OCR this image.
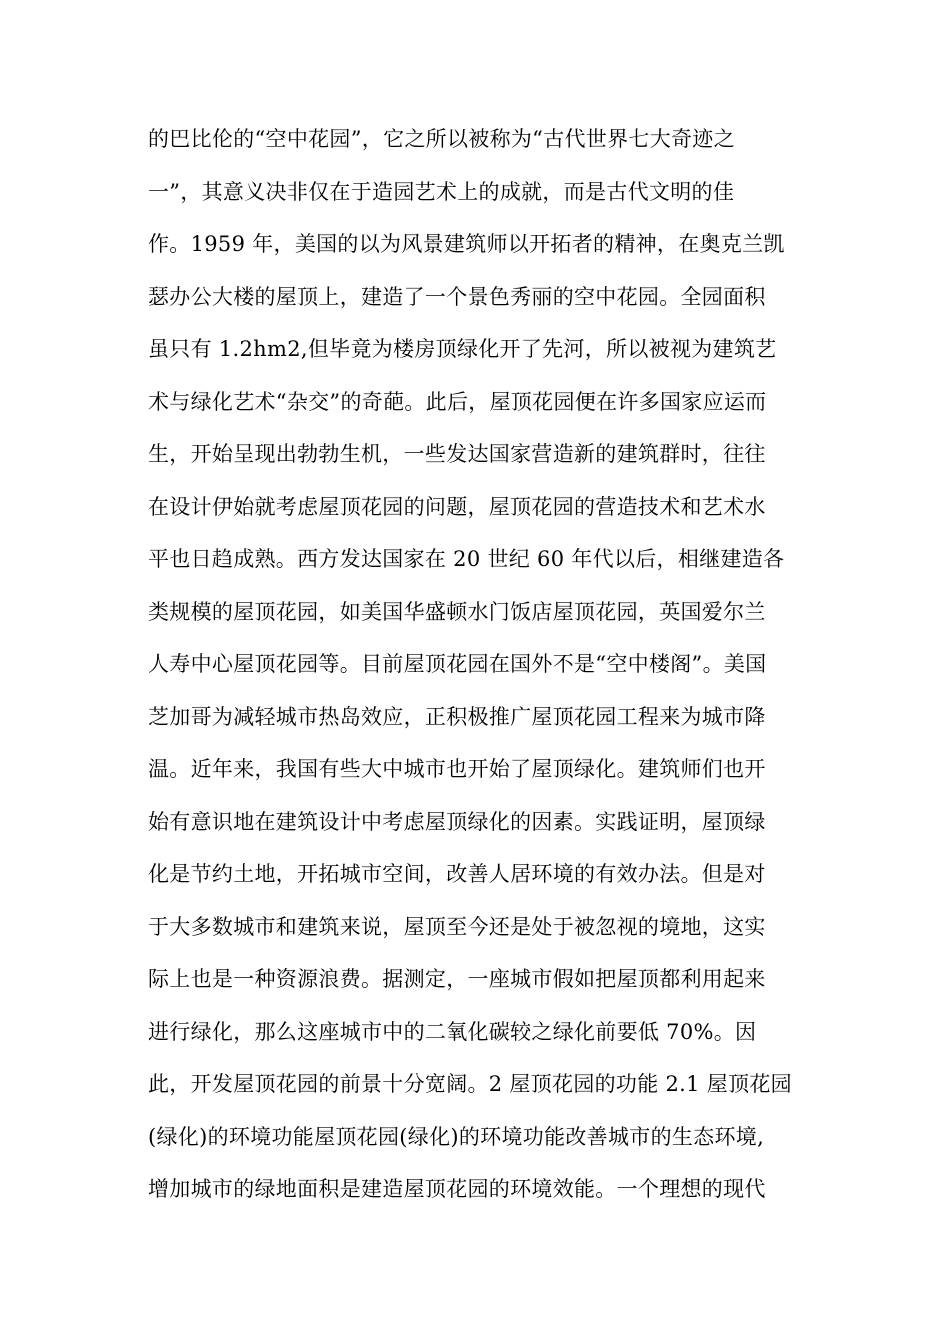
的巴比伦的“空中花园”，它之所以被称为“古代世界七大奇迹之
一”，其意义决非仅在于造园艺术上的成就，而是古代文明的佳
作。1959 年，美国的以为风景建筑师以开拓者的精神，在奥克兰凯
瑟办公大楼的屋顶上，建造了一个景色秀丽的空中花园。全园面积
虽只有 1.2hm2,但毕竟为楼房顶绿化开了先河，所以被视为建筑艺
术与绿化艺术“杂交”的奇葩。此后，屋顶花园便在许多国家应运而
生，开始呈现出勃勃生机，一些发达国家营造新的建筑群时，往往
在设计伊始就考虑屋顶花园的问题，屋顶花园的营造技术和艺术水
平也日趋成熟。西方发达国家在 20 世纪 60 年代以后，相继建造各
类规模的屋顶花园，如美国华盛顿水门饭店屋顶花园，英国爱尔兰
人寿中心屋顶花园等。目前屋顶花园在国外不是“空中楼阁”。美国
芝加哥为减轻城市热岛效应，正积极推广屋顶花园工程来为城市降
温。近年来，我国有些大中城市也开始了屋顶绿化。建筑师们也开
始有意识地在建筑设计中考虑屋顶绿化的因素。实践证明，屋顶绿
化是节约土地，开拓城市空间，改善人居环境的有效办法。但是对
于大多数城市和建筑来说，屋顶至今还是处于被忽视的境地，这实
际上也是一种资源浪费。据测定，一座城市假如把屋顶都利用起来
进行绿化，那么这座城市中的二氧化碳较之绿化前要低 70%。因
此，开发屋顶花园的前景十分宽阔。2 屋顶花园的功能 2.1 屋顶花园
(绿化)的环境功能屋顶花园(绿化)的环境功能改善城市的生态环境,
增加城市的绿地面积是建造屋顶花园的环境效能。一个理想的现代
